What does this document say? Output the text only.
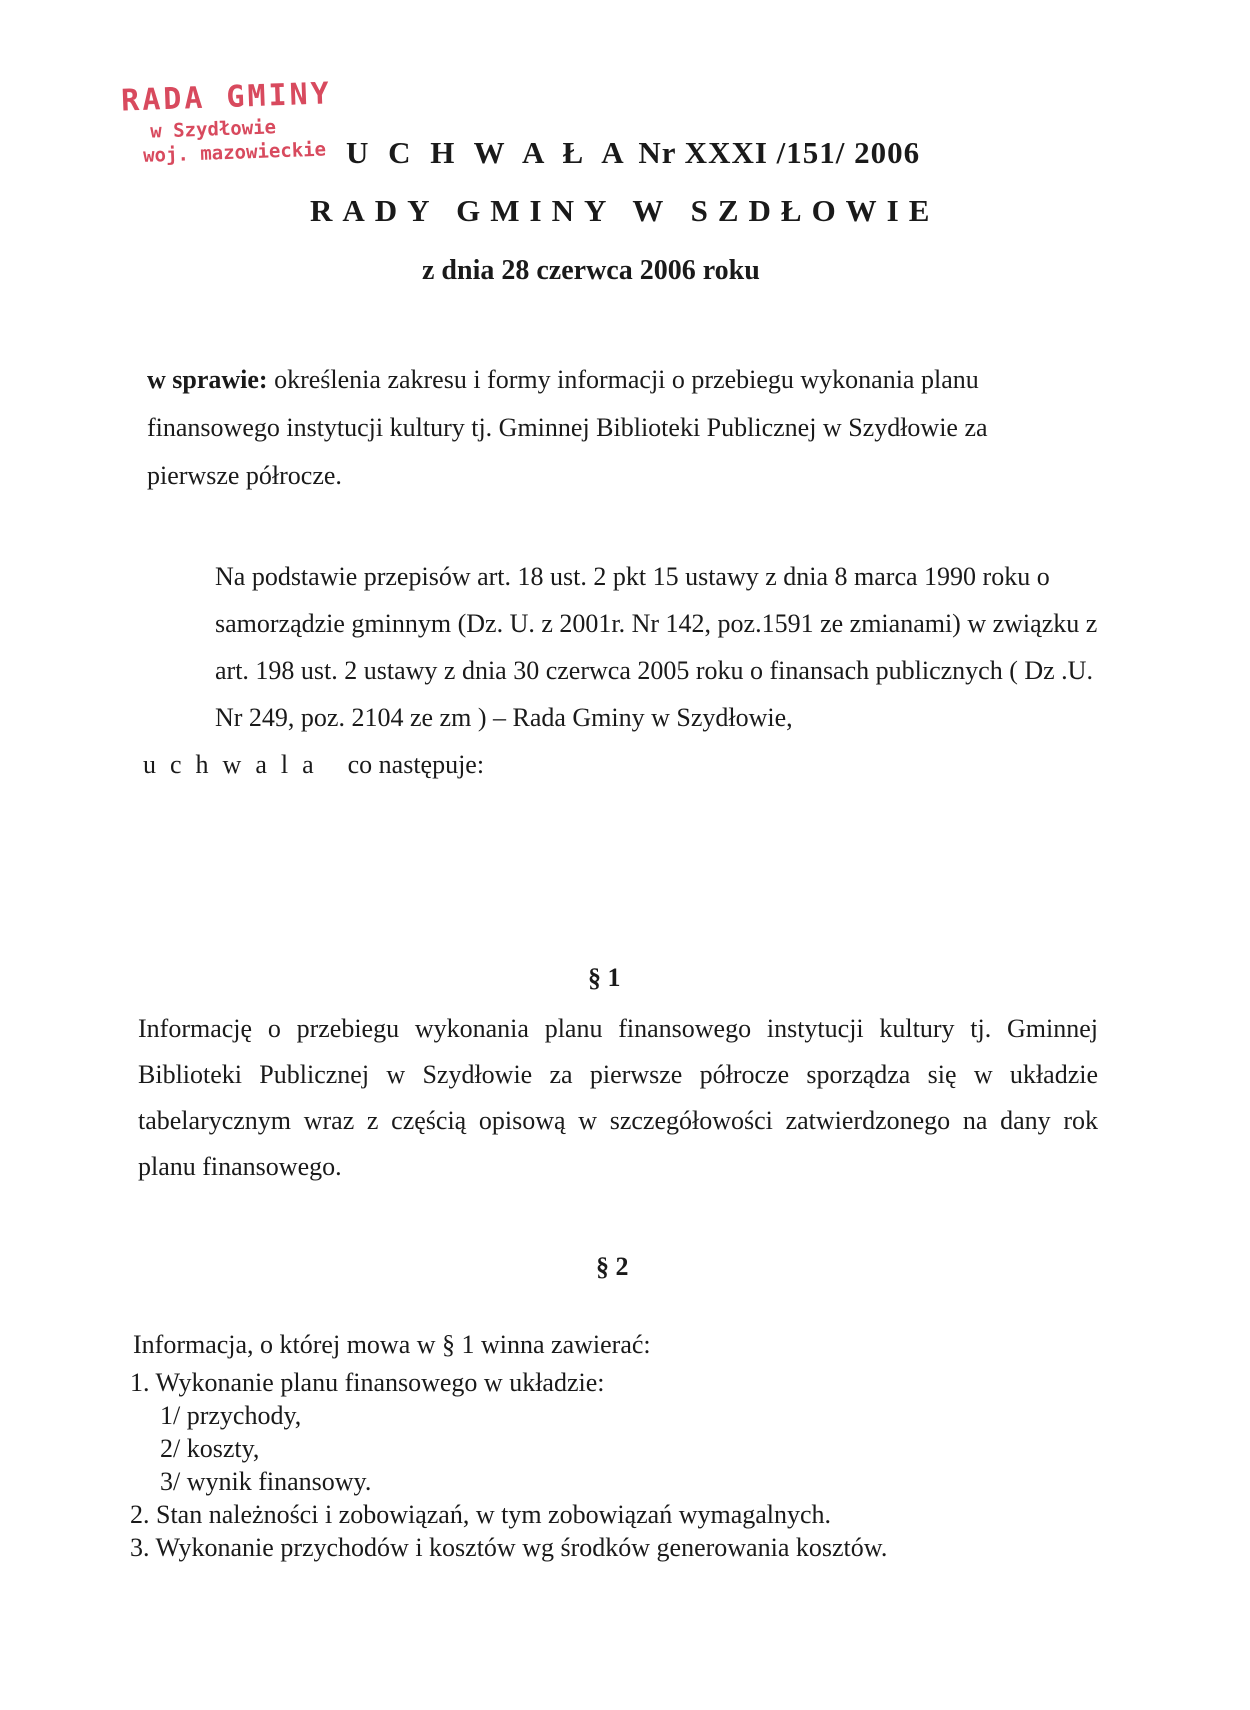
RADA GMINY
w Szydłowie
woj. mazowieckie U C H W A Ł A Nr XXXI /151/ 2006
RADY GMINY W SZDŁOWIE
z dnia 28 czerwca 2006 roku
w sprawie: określenia zakresu i formy informacji o przebiegu wykonania planu finansowego instytucji kultury tj. Gminnej Biblioteki Publicznej w Szydłowie za pierwsze półrocze.
Na podstawie przepisów art. 18 ust. 2 pkt 15 ustawy z dnia 8 marca 1990 roku o samorządzie gminnym (Dz. U. z 2001r. Nr 142, poz.1591 ze zmianami) w związku z art. 198 ust. 2 ustawy z dnia 30 czerwca 2005 roku o finansach publicznych ( Dz .U. Nr 249, poz. 2104 ze zm ) – Rada Gminy w Szydłowie,
uchwala co następuje:
§ 1
Informację o przebiegu wykonania planu finansowego instytucji kultury tj. Gminnej Biblioteki Publicznej w Szydłowie za pierwsze półrocze sporządza się w układzie tabelarycznym wraz z częścią opisową w szczegółowości zatwierdzonego na dany rok planu finansowego.
§ 2
Informacja, o której mowa w § 1 winna zawierać:
1. Wykonanie planu finansowego w układzie:
1/ przychody,
2/ koszty,
3/ wynik finansowy.
2. Stan należności i zobowiązań, w tym zobowiązań wymagalnych.
3. Wykonanie przychodów i kosztów wg środków generowania kosztów.
